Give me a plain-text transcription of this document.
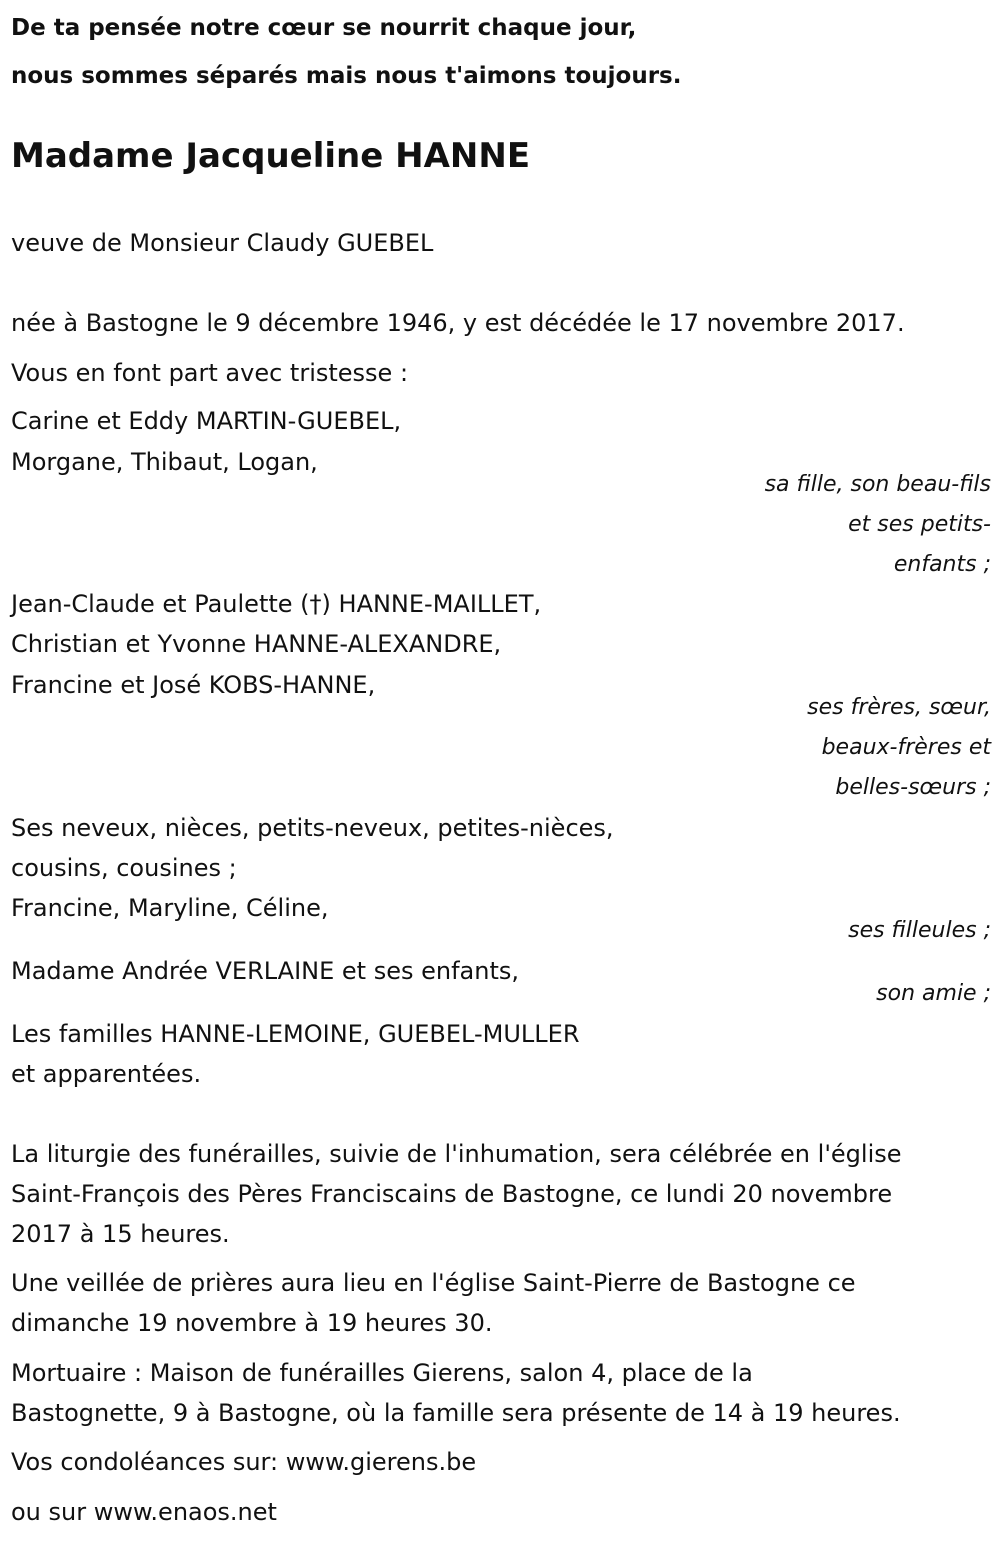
De ta pensée notre cœur se nourrit chaque jour,
nous sommes séparés mais nous t'aimons toujours.
Madame Jacqueline HANNE
veuve de Monsieur Claudy GUEBEL
née à Bastogne le 9 décembre 1946, y est décédée le 17 novembre 2017.
Vous en font part avec tristesse :
Carine et Eddy MARTIN-GUEBEL,
Morgane, Thibaut, Logan,
sa fille, son beau-fils
et ses petits-
enfants ;
Jean-Claude et Paulette (†) HANNE-MAILLET,
Christian et Yvonne HANNE-ALEXANDRE,
Francine et José KOBS-HANNE,
ses frères, sœur,
beaux-frères et
belles-sœurs ;
Ses neveux, nièces, petits-neveux, petites-nièces,
cousins, cousines ;
Francine, Maryline, Céline,
ses filleules ;
Madame Andrée VERLAINE et ses enfants,
son amie ;
Les familles HANNE-LEMOINE, GUEBEL-MULLER
et apparentées.
La liturgie des funérailles, suivie de l'inhumation, sera célébrée en l'église
Saint-François des Pères Franciscains de Bastogne, ce lundi 20 novembre
2017 à 15 heures.
Une veillée de prières aura lieu en l'église Saint-Pierre de Bastogne ce
dimanche 19 novembre à 19 heures 30.
Mortuaire : Maison de funérailles Gierens, salon 4, place de la
Bastognette, 9 à Bastogne, où la famille sera présente de 14 à 19 heures.
Vos condoléances sur: www.gierens.be
ou sur www.enaos.net
